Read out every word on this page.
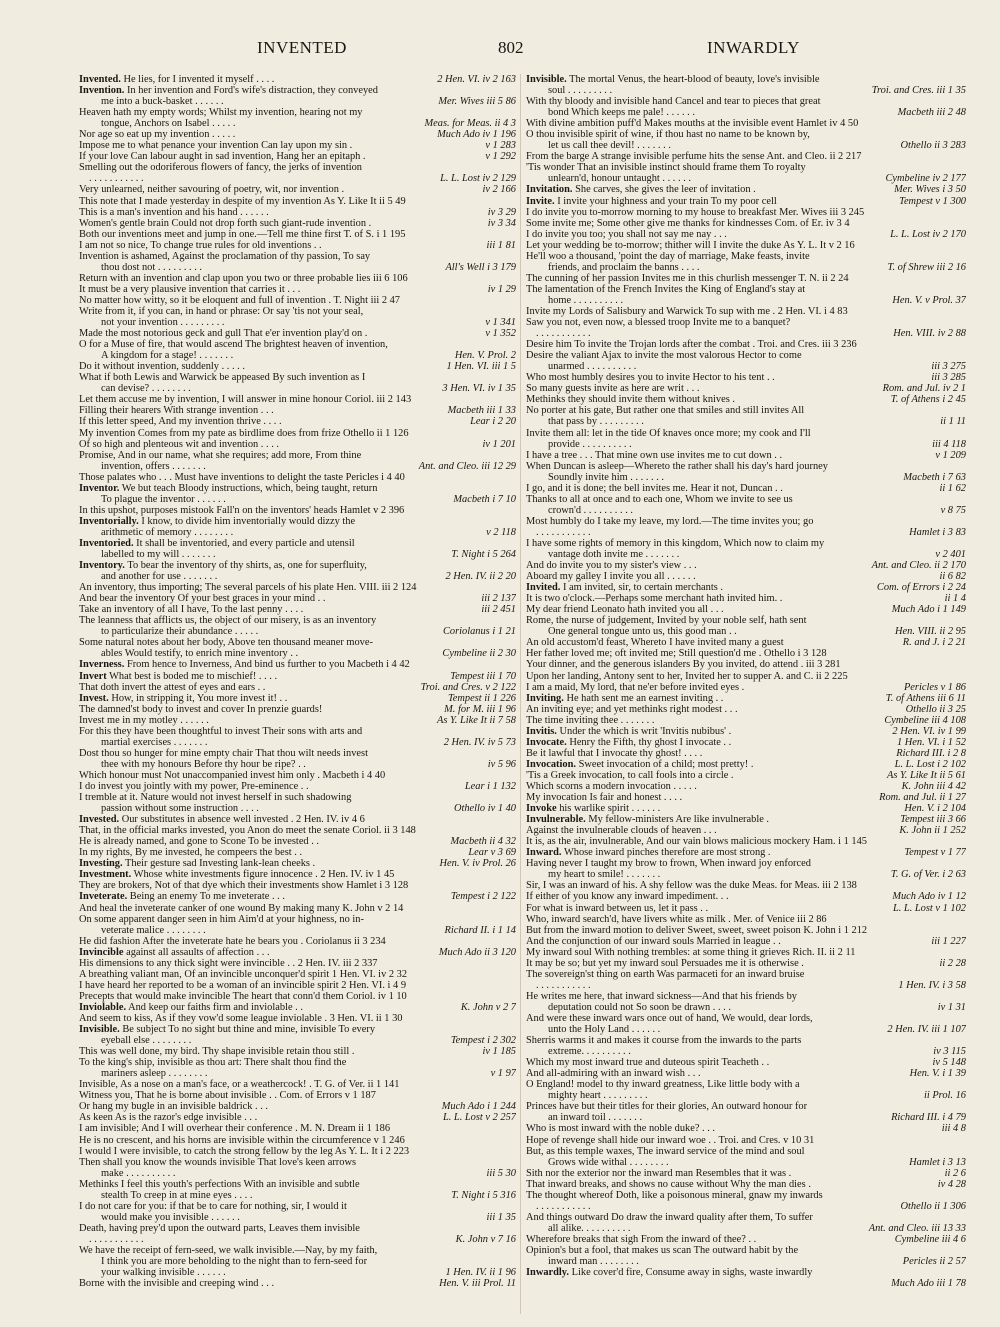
INVENTED	802	INWARDLY
Invented. He lies, for I invented it myself . . . .	2 Hen. VI. iv 2 163
Invention. In her invention and Ford's wife's distraction, they conveyed
me into a buck-basket . . . . . .	Mer. Wives iii 5 86
Heaven hath my empty words; Whilst my invention, hearing not my
tongue, Anchors on Isabel . . . . .	Meas. for Meas. ii 4 3
Nor age so eat up my invention . . . . .	Much Ado iv 1 196
Impose me to what penance your invention Can lay upon my sin .	v 1 283
If your love Can labour aught in sad invention, Hang her an epitaph .	v 1 292
Smelling out the odoriferous flowers of fancy, the jerks of invention
. . . . . . . . . . .	L. L. Lost iv 2 129
Very unlearned, neither savouring of poetry, wit, nor invention .	iv 2 166
This note that I made yesterday in despite of my invention As Y. Like It ii 5 49
This is a man's invention and his hand . . . . . .	iv 3 29
Women's gentle brain Could not drop forth such giant-rude invention .	iv 3 34
Both our inventions meet and jump in one.—Tell me thine first T. of S. i 1 195
I am not so nice, To change true rules for old inventions . .	iii 1 81
Invention is ashamed, Against the proclamation of thy passion, To say
thou dost not . . . . . . . . .	All's Well i 3 179
Return with an invention and clap upon you two or three probable lies iii 6 106
It must be a very plausive invention that carries it . . .	iv 1 29
No matter how witty, so it be eloquent and full of invention . T. Night iii 2 47
Write from it, if you can, in hand or phrase: Or say 'tis not your seal,
not your invention . . . . . . . . .	v 1 341
Made the most notorious geck and gull That e'er invention play'd on .	v 1 352
O for a Muse of fire, that would ascend The brightest heaven of invention,
A kingdom for a stage! . . . . . . .	Hen. V. Prol. 2
Do it without invention, suddenly . . . . .	1 Hen. VI. iii 1 5
What if both Lewis and Warwick be appeased By such invention as I
can devise? . . . . . . . .	3 Hen. VI. iv 1 35
Let them accuse me by invention, I will answer in mine honour Coriol. iii 2 143
Filling their hearers With strange invention . . .	Macbeth iii 1 33
If this letter speed, And my invention thrive . . . .	Lear i 2 20
My invention Comes from my pate as birdlime does from frize Othello ii 1 126
Of so high and plenteous wit and invention . . . .	iv 1 201
Promise, And in our name, what she requires; add more, From thine
invention, offers . . . . . . .	Ant. and Cleo. iii 12 29
Those palates who . . . Must have inventions to delight the taste Pericles i 4 40
Inventor. We but teach Bloody instructions, which, being taught, return
To plague the inventor . . . . . .	Macbeth i 7 10
In this upshot, purposes mistook Fall'n on the inventors' heads Hamlet v 2 396
Inventorially. I know, to divide him inventorially would dizzy the
arithmetic of memory . . . . . . . .	v 2 118
Inventoried. It shall be inventoried, and every particle and utensil
labelled to my will . . . . . . .	T. Night i 5 264
Inventory. To bear the inventory of thy shirts, as, one for superfluity,
and another for use . . . . . . .	2 Hen. IV. ii 2 20
An inventory, thus importing; The several parcels of his plate Hen. VIII. iii 2 124
And bear the inventory Of your best graces in your mind . .	iii 2 137
Take an inventory of all I have, To the last penny . . . .	iii 2 451
The leanness that afflicts us, the object of our misery, is as an inventory
to particularize their abundance . . . . .	Coriolanus i 1 21
Some natural notes about her body, Above ten thousand meaner move-
ables Would testify, to enrich mine inventory . .	Cymbeline ii 2 30
Inverness. From hence to Inverness, And bind us further to you Macbeth i 4 42
Invert What best is boded me to mischief! . . . .	Tempest iii 1 70
That doth invert the attest of eyes and ears . .	Troi. and Cres. v 2 122
Invest. How, in stripping it, You more invest it! . .	Tempest ii 1 226
The damned'st body to invest and cover In prenzie guards!	M. for M. iii 1 96
Invest me in my motley . . . . . .	As Y. Like It ii 7 58
For this they have been thoughtful to invest Their sons with arts and
martial exercises . . . . . . .	2 Hen. IV. iv 5 73
Dost thou so hunger for mine empty chair That thou wilt needs invest
thee with my honours Before thy hour be ripe? . .	iv 5 96
Which honour must Not unaccompanied invest him only . Macbeth i 4 40
I do invest you jointly with my power, Pre-eminence . .	Lear i 1 132
I tremble at it. Nature would not invest herself in such shadowing
passion without some instruction . . . .	Othello iv 1 40
Invested. Our substitutes in absence well invested . 2 Hen. IV. iv 4 6
That, in the official marks invested, you Anon do meet the senate Coriol. ii 3 148
He is already named, and gone to Scone To be invested . .	Macbeth ii 4 32
In my rights, By me invested, he compeers the best . .	Lear v 3 69
Investing. Their gesture sad Investing lank-lean cheeks .	Hen. V. iv Prol. 26
Investment. Whose white investments figure innocence . 2 Hen. IV. iv 1 45
They are brokers, Not of that dye which their investments show Hamlet i 3 128
Inveterate. Being an enemy To me inveterate . . .	Tempest i 2 122
And heal the inveterate canker of one wound By making many K. John v 2 14
On some apparent danger seen in him Aim'd at your highness, no in-
veterate malice . . . . . . . .	Richard II. i 1 14
He did fashion After the inveterate hate he bears you . Coriolanus ii 3 234
Invincible against all assaults of affection . . .	Much Ado ii 3 120
His dimensions to any thick sight were invincible . . 2 Hen. IV. iii 2 337
A breathing valiant man, Of an invincible unconquer'd spirit 1 Hen. VI. iv 2 32
I have heard her reported to be a woman of an invincible spirit 2 Hen. VI. i 4 9
Precepts that would make invincible The heart that conn'd them Coriol. iv 1 10
Inviolable. And keep our faiths firm and inviolable . .	K. John v 2 7
And seem to kiss, As if they vow'd some league inviolable . 3 Hen. VI. ii 1 30
Invisible. Be subject To no sight but thine and mine, invisible To every
eyeball else . . . . . . . .	Tempest i 2 302
This was well done, my bird. Thy shape invisible retain thou still .	iv 1 185
To the king's ship, invisible as thou art: There shalt thou find the
mariners asleep . . . . . . . .	v 1 97
Invisible, As a nose on a man's face, or a weathercock! . T. G. of Ver. ii 1 141
Witness you, That he is borne about invisible . . Com. of Errors v 1 187
Or hang my bugle in an invisible baldrick . . .	Much Ado i 1 244
As keen As is the razor's edge invisible . . .	L. L. Lost v 2 257
I am invisible; And I will overhear their conference . M. N. Dream ii 1 186
He is no crescent, and his horns are invisible within the circumference v 1 246
I would I were invisible, to catch the strong fellow by the leg As Y. L. It i 2 223
Then shall you know the wounds invisible That love's keen arrows
make . . . . . . . . . .	iii 5 30
Methinks I feel this youth's perfections With an invisible and subtle
stealth To creep in at mine eyes . . . .	T. Night i 5 316
I do not care for you: if that be to care for nothing, sir, I would it
would make you invisible . . . . . .	iii 1 35
Death, having prey'd upon the outward parts, Leaves them invisible
. . . . . . . . . . .	K. John v 7 16
We have the receipt of fern-seed, we walk invisible.—Nay, by my faith,
I think you are more beholding to the night than to fern-seed for
your walking invisible . . . . . .	1 Hen. IV. ii 1 96
Borne with the invisible and creeping wind . . .	Hen. V. iii Prol. 11
Invisible. The mortal Venus, the heart-blood of beauty, love's invisible
soul . . . . . . . . .	Troi. and Cres. iii 1 35
With thy bloody and invisible hand Cancel and tear to pieces that great
bond Which keeps me pale! . . . . . .	Macbeth iii 2 48
With divine ambition puff'd Makes mouths at the invisible event Hamlet iv 4 50
O thou invisible spirit of wine, if thou hast no name to be known by,
let us call thee devil! . . . . . . .	Othello ii 3 283
From the barge A strange invisible perfume hits the sense Ant. and Cleo. ii 2 217
'Tis wonder That an invisible instinct should frame them To royalty
unlearn'd, honour untaught . . . . . .	Cymbeline iv 2 177
Invitation. She carves, she gives the leer of invitation .	Mer. Wives i 3 50
Invite. I invite your highness and your train To my poor cell	Tempest v 1 300
I do invite you to-morrow morning to my house to breakfast Mer. Wives iii 3 245
Some invite me; Some other give me thanks for kindnesses Com. of Er. iv 3 4
I do invite you too; you shall not say me nay . . .	L. L. Lost iv 2 170
Let your wedding be to-morrow; thither will I invite the duke As Y. L. It v 2 16
He'll woo a thousand, 'point the day of marriage, Make feasts, invite
friends, and proclaim the banns . . . .	T. of Shrew iii 2 16
The cunning of her passion Invites me in this churlish messenger T. N. ii 2 24
The lamentation of the French Invites the King of England's stay at
home . . . . . . . . . .	Hen. V. v Prol. 37
Invite my Lords of Salisbury and Warwick To sup with me . 2 Hen. VI. i 4 83
Saw you not, even now, a blessed troop Invite me to a banquet?
. . . . . . . . . . .	Hen. VIII. iv 2 88
Desire him To invite the Trojan lords after the combat . Troi. and Cres. iii 3 236
Desire the valiant Ajax to invite the most valorous Hector to come
unarmed . . . . . . . . . .	iii 3 275
Who most humbly desires you to invite Hector to his tent . .	iii 3 285
So many guests invite as here are writ . . .	Rom. and Jul. iv 2 1
Methinks they should invite them without knives .	T. of Athens i 2 45
No porter at his gate, But rather one that smiles and still invites All
that pass by . . . . . . . . .	ii 1 11
Invite them all: let in the tide Of knaves once more; my cook and I'll
provide . . . . . . . . . .	iii 4 118
I have a tree . . . That mine own use invites me to cut down . .	v 1 209
When Duncan is asleep—Whereto the rather shall his day's hard journey
Soundly invite him . . . . . . .	Macbeth i 7 63
I go, and it is done; the bell invites me. Hear it not, Duncan . .	ii 1 62
Thanks to all at once and to each one, Whom we invite to see us
crown'd . . . . . . . . . .	v 8 75
Most humbly do I take my leave, my lord.—The time invites you; go
. . . . . . . . . . .	Hamlet i 3 83
I have some rights of memory in this kingdom, Which now to claim my
vantage doth invite me . . . . . . .	v 2 401
And do invite you to my sister's view . . .	Ant. and Cleo. ii 2 170
Aboard my galley I invite you all . . . . . .	ii 6 82
Invited. I am invited, sir, to certain merchants .	Com. of Errors i 2 24
It is two o'clock.—Perhaps some merchant hath invited him. .	ii 1 4
My dear friend Leonato hath invited you all . . .	Much Ado i 1 149
Rome, the nurse of judgement, Invited by your noble self, hath sent
One general tongue unto us, this good man . .	Hen. VIII. ii 2 95
An old accustom'd feast, Whereto I have invited many a guest	R. and J. i 2 21
Her father loved me; oft invited me; Still question'd me . Othello i 3 128
Your dinner, and the generous islanders By you invited, do attend . iii 3 281
Upon her landing, Antony sent to her, Invited her to supper A. and C. ii 2 225
I am a maid, My lord, that ne'er before invited eyes .	Pericles v 1 86
Inviting. He hath sent me an earnest inviting . .	T. of Athens iii 6 11
An inviting eye; and yet methinks right modest . . .	Othello ii 3 25
The time inviting thee . . . . . . .	Cymbeline iii 4 108
Invitis. Under the which is writ 'Invitis nubibus' .	2 Hen. VI. iv 1 99
Invocate. Henry the Fifth, thy ghost I invocate . .	1 Hen. VI. i 1 52
Be it lawful that I invocate thy ghost! . . . .	Richard III. i 2 8
Invocation. Sweet invocation of a child; most pretty! .	L. L. Lost i 2 102
'Tis a Greek invocation, to call fools into a circle .	As Y. Like It ii 5 61
Which scorns a modern invocation . . . . .	K. John iii 4 42
My invocation Is fair and honest . . . .	Rom. and Jul. ii 1 27
Invoke his warlike spirit . . . . . .	Hen. V. i 2 104
Invulnerable. My fellow-ministers Are like invulnerable .	Tempest iii 3 66
Against the invulnerable clouds of heaven . . .	K. John ii 1 252
It is, as the air, invulnerable, And our vain blows malicious mockery Ham. i 1 145
Inward. Whose inward pinches therefore are most strong .	Tempest v 1 77
Having never I taught my brow to frown, When inward joy enforced
my heart to smile! . . . . . . .	T. G. of Ver. i 2 63
Sir, I was an inward of his. A shy fellow was the duke Meas. for Meas. iii 2 138
If either of you know any inward impediment. . .	Much Ado iv 1 12
For what is inward between us, let it pass . .	L. L. Lost v 1 102
Who, inward search'd, have livers white as milk . Mer. of Venice iii 2 86
But from the inward motion to deliver Sweet, sweet, sweet poison K. John i 1 212
And the conjunction of our inward souls Married in league . .	iii 1 227
My inward soul With nothing trembles: at some thing it grieves Rich. II. ii 2 11
It may be so; but yet my inward soul Persuades me it is otherwise .	ii 2 28
The sovereign'st thing on earth Was parmaceti for an inward bruise
. . . . . . . . . . .	1 Hen. IV. i 3 58
He writes me here, that inward sickness—And that his friends by
deputation could not So soon be drawn . . . .	iv 1 31
And were these inward wars once out of hand, We would, dear lords,
unto the Holy Land . . . . . .	2 Hen. IV. iii 1 107
Sherris warms it and makes it course from the inwards to the parts
extreme. . . . . . . . . .	iv 3 115
Which my most inward true and duteous spirit Teacheth . .	iv 5 148
And all-admiring with an inward wish . . .	Hen. V. i 1 39
O England! model to thy inward greatness, Like little body with a
mighty heart . . . . . . . . .	ii Prol. 16
Princes have but their titles for their glories, An outward honour for
an inward toil . . . . . . .	Richard III. i 4 79
Who is most inward with the noble duke? . . .	iii 4 8
Hope of revenge shall hide our inward woe . . Troi. and Cres. v 10 31
But, as this temple waxes, The inward service of the mind and soul
Grows wide withal . . . . . . . .	Hamlet i 3 13
Sith nor the exterior nor the inward man Resembles that it was .	ii 2 6
That inward breaks, and shows no cause without Why the man dies .	iv 4 28
The thought whereof Doth, like a poisonous mineral, gnaw my inwards
. . . . . . . . . . .	Othello ii 1 306
And things outward Do draw the inward quality after them, To suffer
all alike. . . . . . . . . .	Ant. and Cleo. iii 13 33
Wherefore breaks that sigh From the inward of thee? . .	Cymbeline iii 4 6
Opinion's but a fool, that makes us scan The outward habit by the
inward man . . . . . . . .	Pericles ii 2 57
Inwardly. Like cover'd fire, Consume away in sighs, waste inwardly
Much Ado iii 1 78
